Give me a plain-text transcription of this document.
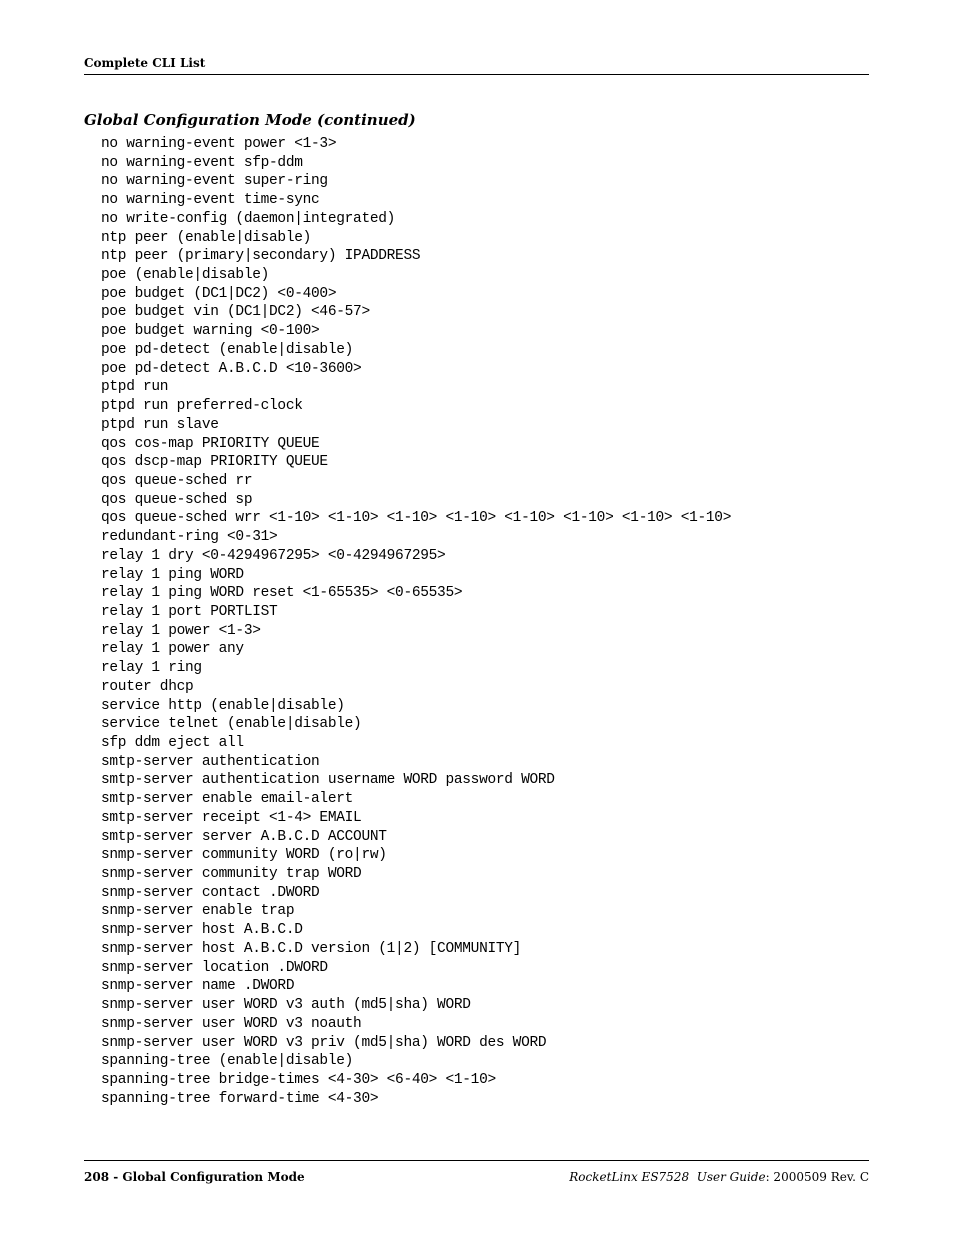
Complete CLI List
Global Configuration Mode (continued)
no warning-event power <1-3>
no warning-event sfp-ddm
no warning-event super-ring
no warning-event time-sync
no write-config (daemon|integrated)
ntp peer (enable|disable)
ntp peer (primary|secondary) IPADDRESS
poe (enable|disable)
poe budget (DC1|DC2) <0-400>
poe budget vin (DC1|DC2) <46-57>
poe budget warning <0-100>
poe pd-detect (enable|disable)
poe pd-detect A.B.C.D <10-3600>
ptpd run
ptpd run preferred-clock
ptpd run slave
qos cos-map PRIORITY QUEUE
qos dscp-map PRIORITY QUEUE
qos queue-sched rr
qos queue-sched sp
qos queue-sched wrr <1-10> <1-10> <1-10> <1-10> <1-10> <1-10> <1-10> <1-10>
redundant-ring <0-31>
relay 1 dry <0-4294967295> <0-4294967295>
relay 1 ping WORD
relay 1 ping WORD reset <1-65535> <0-65535>
relay 1 port PORTLIST
relay 1 power <1-3>
relay 1 power any
relay 1 ring
router dhcp
service http (enable|disable)
service telnet (enable|disable)
sfp ddm eject all
smtp-server authentication
smtp-server authentication username WORD password WORD
smtp-server enable email-alert
smtp-server receipt <1-4> EMAIL
smtp-server server A.B.C.D ACCOUNT
snmp-server community WORD (ro|rw)
snmp-server community trap WORD
snmp-server contact .DWORD
snmp-server enable trap
snmp-server host A.B.C.D
snmp-server host A.B.C.D version (1|2) [COMMUNITY]
snmp-server location .DWORD
snmp-server name .DWORD
snmp-server user WORD v3 auth (md5|sha) WORD
snmp-server user WORD v3 noauth
snmp-server user WORD v3 priv (md5|sha) WORD des WORD
spanning-tree (enable|disable)
spanning-tree bridge-times <4-30> <6-40> <1-10>
spanning-tree forward-time <4-30>
208 - Global Configuration Mode	RocketLinx ES7528 User Guide: 2000509 Rev. C
